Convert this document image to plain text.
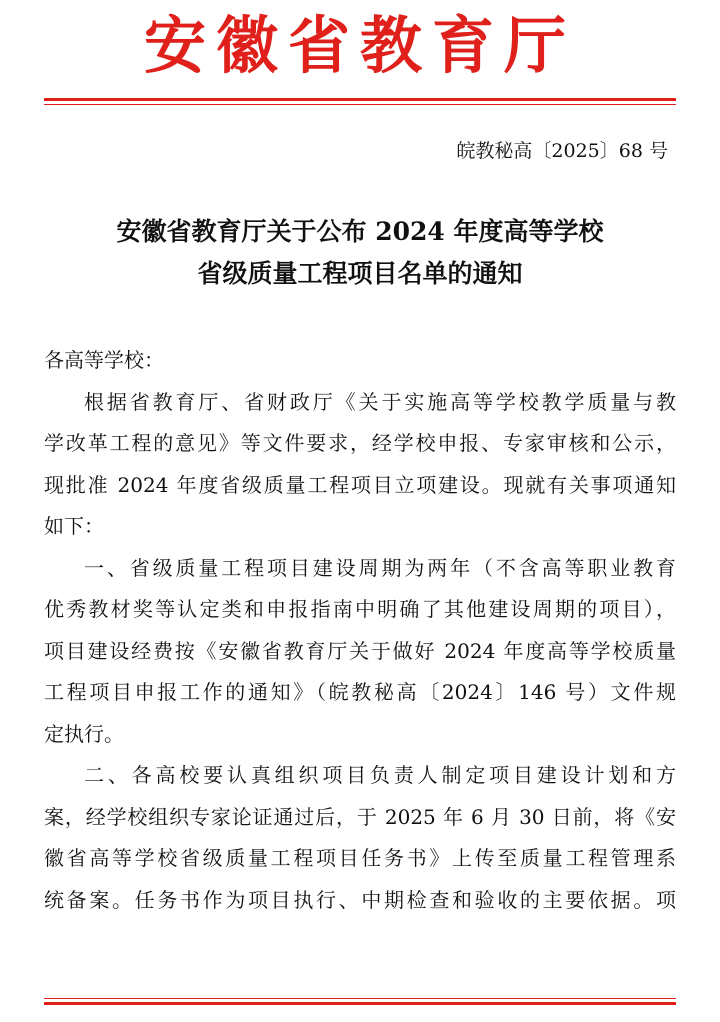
安徽省教育厅
皖教秘高〔2025〕68 号
安徽省教育厅关于公布 2024 年度高等学校
省级质量工程项目名单的通知
各高等学校：
根据省教育厅、省财政厅《关于实施高等学校教学质量与教
学改革工程的意见》等文件要求，经学校申报、专家审核和公示，
现批准 2024 年度省级质量工程项目立项建设。现就有关事项通知
如下：
一、省级质量工程项目建设周期为两年（不含高等职业教育
优秀教材奖等认定类和申报指南中明确了其他建设周期的项目），
项目建设经费按《安徽省教育厅关于做好 2024 年度高等学校质量
工程项目申报工作的通知》（皖教秘高〔2024〕146 号）文件规
定执行。
二、各高校要认真组织项目负责人制定项目建设计划和方
案，经学校组织专家论证通过后，于 2025 年 6 月 30 日前，将《安
徽省高等学校省级质量工程项目任务书》上传至质量工程管理系
统备案。任务书作为项目执行、中期检查和验收的主要依据。项
